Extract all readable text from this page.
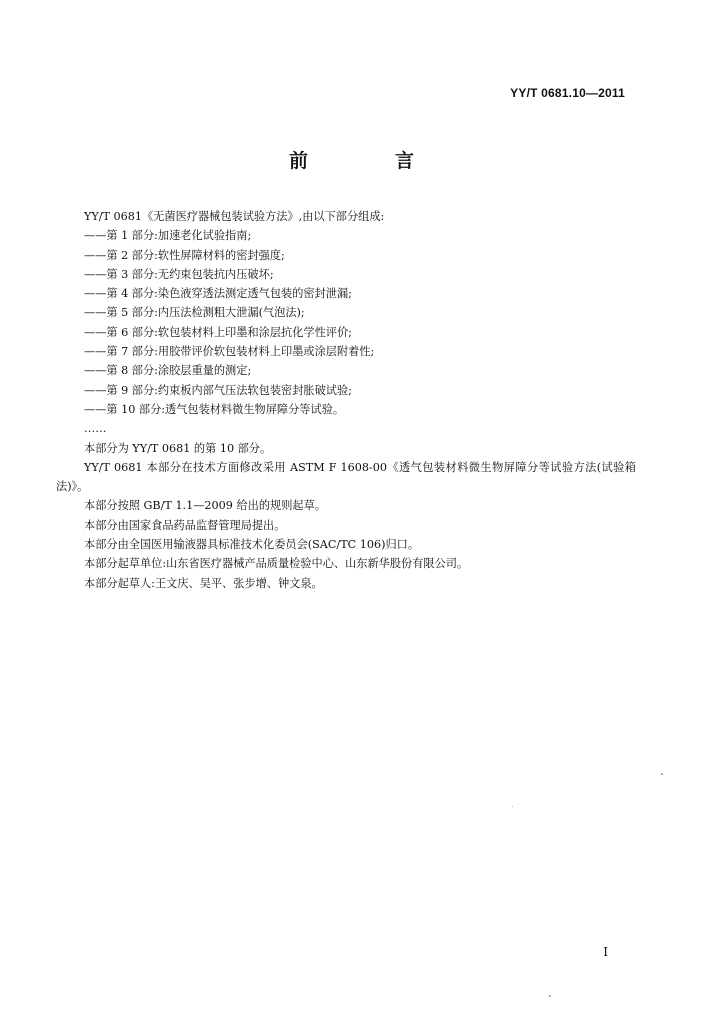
YY/T 0681.10—2011
前　言

YY/T 0681《无菌医疗器械包装试验方法》,由以下部分组成:

——第 1 部分:加速老化试验指南;

——第 2 部分:软性屏障材料的密封强度;

——第 3 部分:无约束包装抗内压破坏;

——第 4 部分:染色液穿透法测定透气包装的密封泄漏;

——第 5 部分:内压法检测粗大泄漏(气泡法);

——第 6 部分:软包装材料上印墨和涂层抗化学性评价;

——第 7 部分:用胶带评价软包装材料上印墨或涂层附着性;

——第 8 部分:涂胶层重量的测定;

——第 9 部分:约束板内部气压法软包装密封胀破试验;

——第 10 部分:透气包装材料微生物屏障分等试验。

……

本部分为 YY/T 0681 的第 10 部分。

YY/T 0681 本部分在技术方面修改采用 ASTM F 1608-00《透气包装材料微生物屏障分等试验方法(试验箱法)》。

本部分按照 GB/T 1.1—2009 给出的规则起草。

本部分由国家食品药品监督管理局提出。

本部分由全国医用输液器具标准技术化委员会(SAC/TC 106)归口。

本部分起草单位:山东省医疗器械产品质量检验中心、山东新华股份有限公司。

本部分起草人:王文庆、吴平、张步增、钟文泉。

I
